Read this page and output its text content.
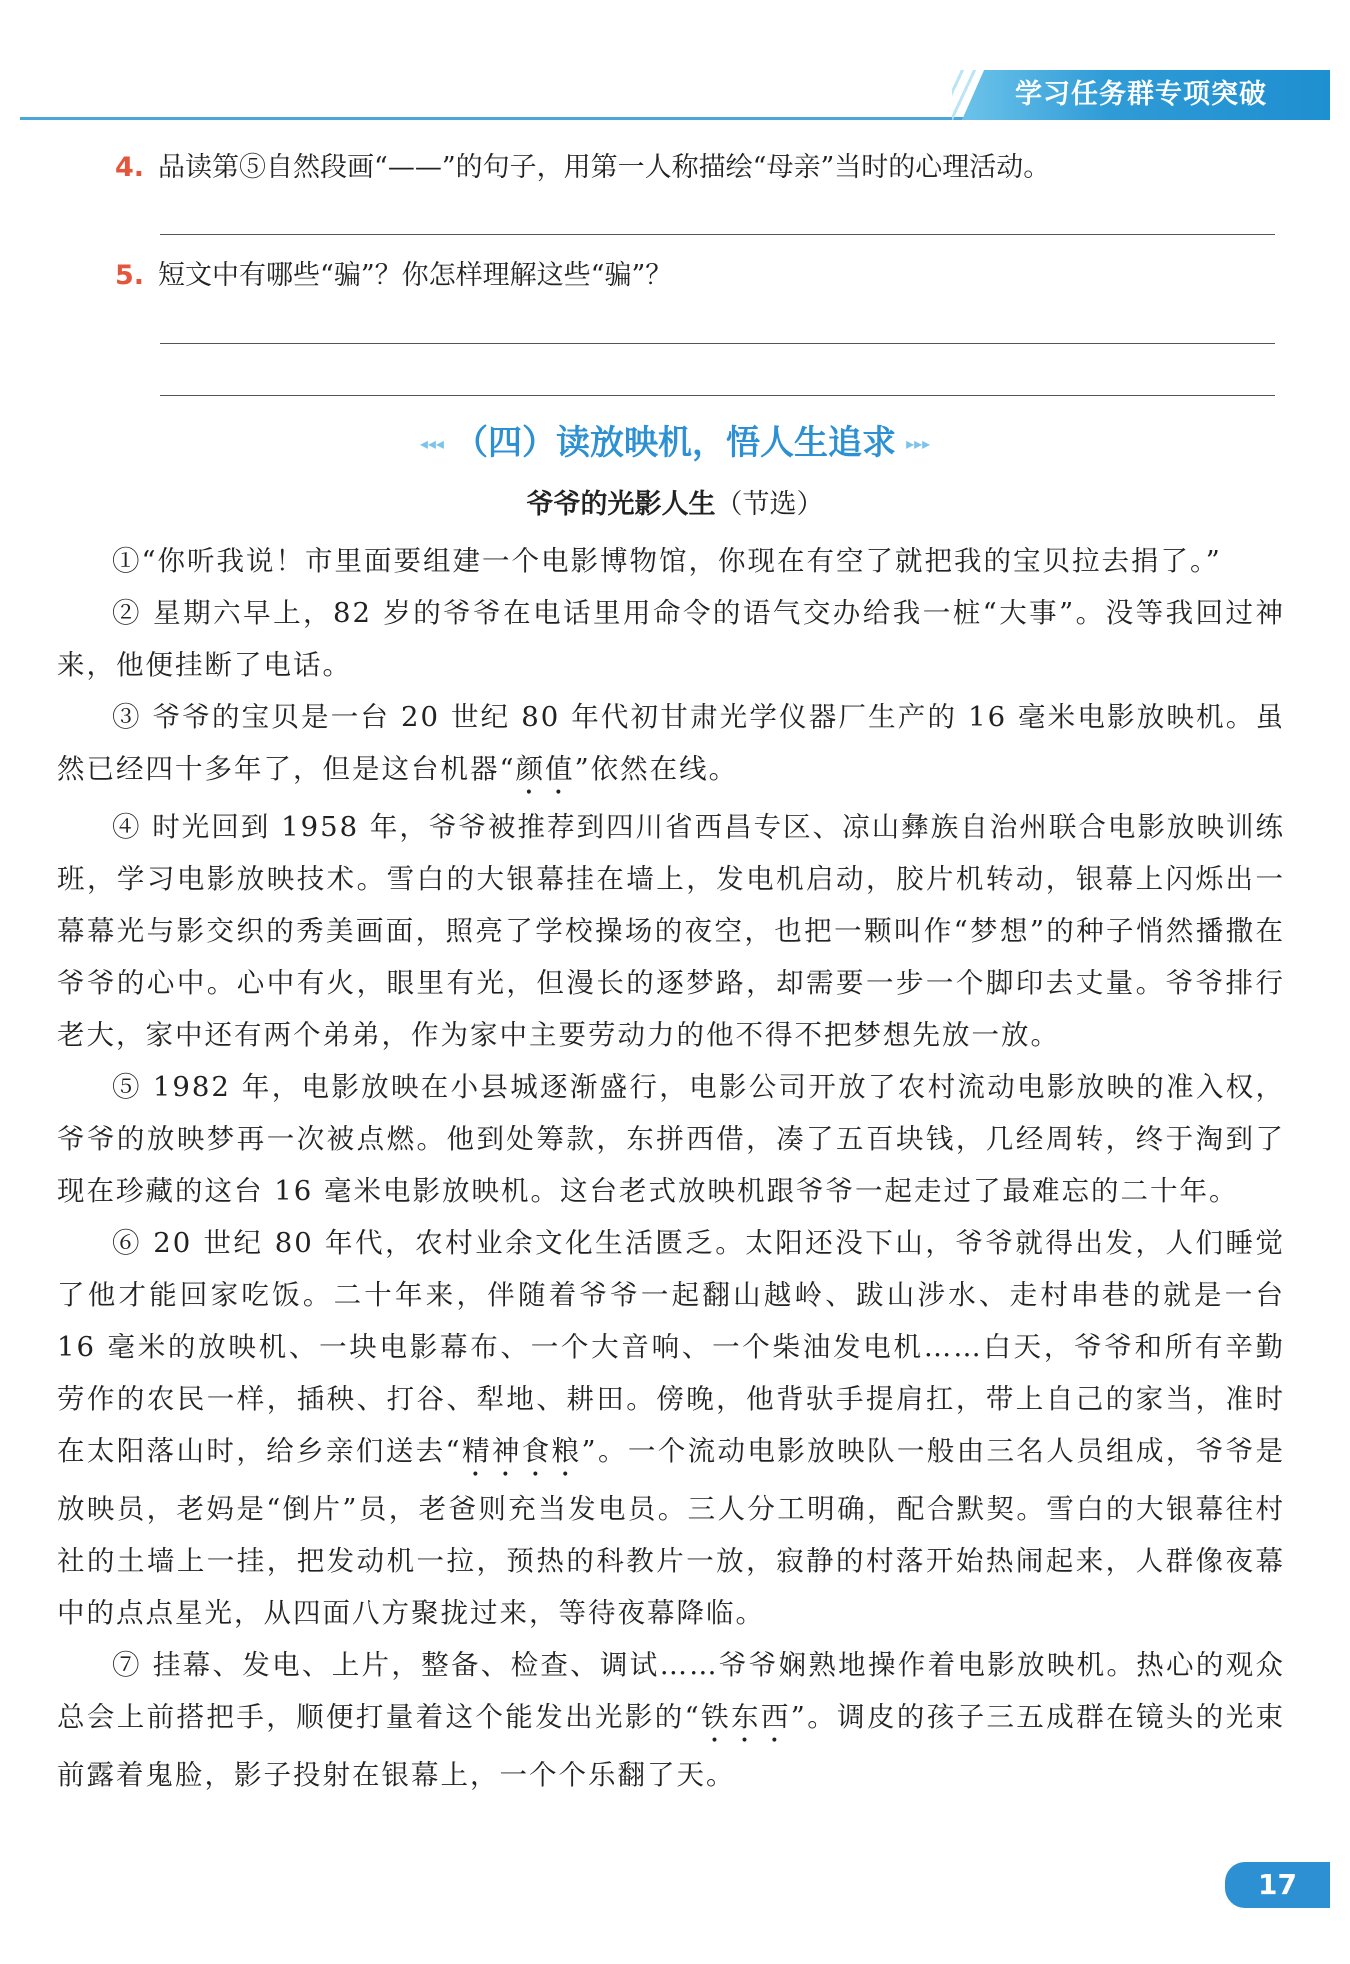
学习任务群专项突破
4. 品读第⑤自然段画“——”的句子，用第一人称描绘“母亲”当时的心理活动。
5. 短文中有哪些“骗”？你怎样理解这些“骗”？
◂◂◂ （四）读放映机，悟人生追求 ▸▸▸
爷爷的光影人生（节选）

①“你听我说！市里面要组建一个电影博物馆，你现在有空了就把我的宝贝拉去捐了。”

② 星期六早上，82 岁的爷爷在电话里用命令的语气交办给我一桩“大事”。没等我回过神来，他便挂断了电话。

③ 爷爷的宝贝是一台 20 世纪 80 年代初甘肃光学仪器厂生产的 16 毫米电影放映机。虽然已经四十多年了，但是这台机器“颜值”依然在线。

④ 时光回到 1958 年，爷爷被推荐到四川省西昌专区、凉山彝族自治州联合电影放映训练班，学习电影放映技术。雪白的大银幕挂在墙上，发电机启动，胶片机转动，银幕上闪烁出一幕幕光与影交织的秀美画面，照亮了学校操场的夜空，也把一颗叫作“梦想”的种子悄然播撒在爷爷的心中。心中有火，眼里有光，但漫长的逐梦路，却需要一步一个脚印去丈量。爷爷排行老大，家中还有两个弟弟，作为家中主要劳动力的他不得不把梦想先放一放。

⑤ 1982 年，电影放映在小县城逐渐盛行，电影公司开放了农村流动电影放映的准入权，爷爷的放映梦再一次被点燃。他到处筹款，东拼西借，凑了五百块钱，几经周转，终于淘到了现在珍藏的这台 16 毫米电影放映机。这台老式放映机跟爷爷一起走过了最难忘的二十年。

⑥ 20 世纪 80 年代，农村业余文化生活匮乏。太阳还没下山，爷爷就得出发，人们睡觉了他才能回家吃饭。二十年来，伴随着爷爷一起翻山越岭、跋山涉水、走村串巷的就是一台 16 毫米的放映机、一块电影幕布、一个大音响、一个柴油发电机……白天，爷爷和所有辛勤劳作的农民一样，插秧、打谷、犁地、耕田。傍晚，他背驮手提肩扛，带上自己的家当，准时在太阳落山时，给乡亲们送去“精神食粮”。一个流动电影放映队一般由三名人员组成，爷爷是放映员，老妈是“倒片”员，老爸则充当发电员。三人分工明确，配合默契。雪白的大银幕往村社的土墙上一挂，把发动机一拉，预热的科教片一放，寂静的村落开始热闹起来，人群像夜幕中的点点星光，从四面八方聚拢过来，等待夜幕降临。

⑦ 挂幕、发电、上片，整备、检查、调试……爷爷娴熟地操作着电影放映机。热心的观众总会上前搭把手，顺便打量着这个能发出光影的“铁东西”。调皮的孩子三五成群在镜头的光束前露着鬼脸，影子投射在银幕上，一个个乐翻了天。

17
